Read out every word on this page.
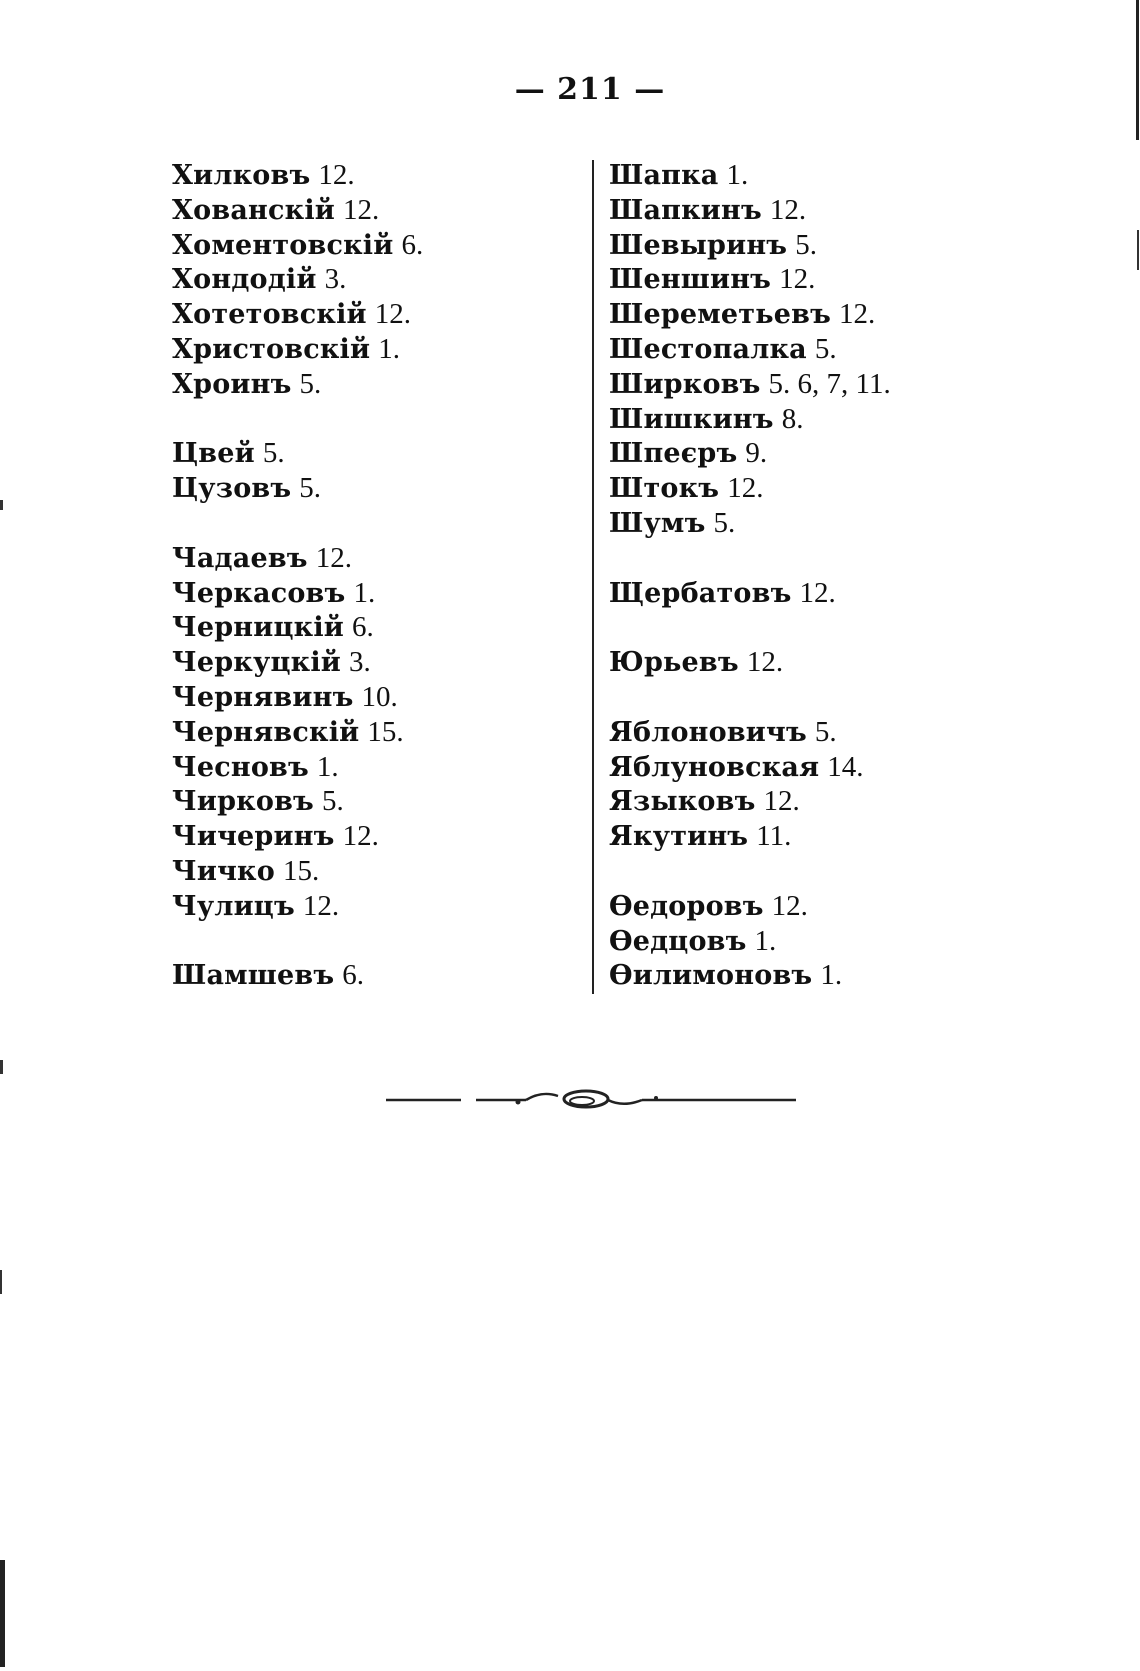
— 211 —
Хилковъ 12.
Хованскій 12.
Хоментовскій 6.
Хондодій 3.
Хотетовскій 12.
Христовскій 1.
Хроинъ 5.
Цвей 5.
Цузовъ 5.
Чадаевъ 12.
Черкасовъ 1.
Черницкій 6.
Черкуцкій 3.
Чернявинъ 10.
Чернявскій 15.
Чесновъ 1.
Чирковъ 5.
Чичеринъ 12.
Чичко 15.
Чулицъ 12.
Шамшевъ 6.
Шапка 1.
Шапкинъ 12.
Шевыринъ 5.
Шеншинъ 12.
Шереметьевъ 12.
Шестопалка 5.
Ширковъ 5. 6, 7, 11.
Шишкинъ 8.
Шпеєръ 9.
Штокъ 12.
Шумъ 5.
Щербатовъ 12.
Юрьевъ 12.
Яблоновичъ 5.
Яблуновская 14.
Языковъ 12.
Якутинъ 11.
Өедоровъ 12.
Өедцовъ 1.
Өилимоновъ 1.
